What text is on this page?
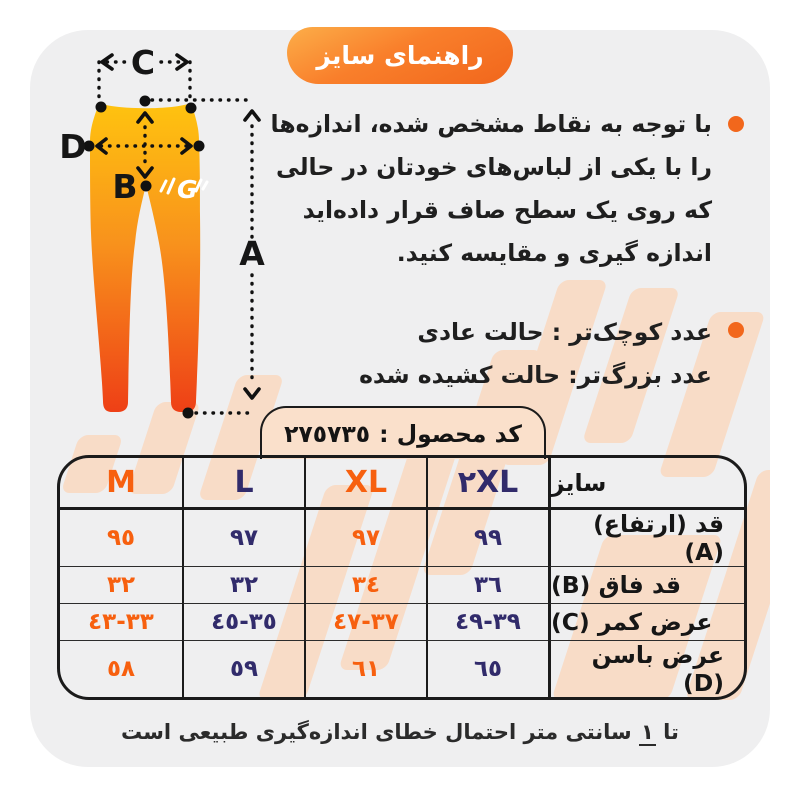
G
C
D
B
A
با توجه به نقاط مشخص شده، اندازه‌ها
را با یکی از لباس‌های خودتان در حالی
که روی یک سطح صاف قرار داده‌اید
اندازه گیری و مقایسه کنید.
عدد کوچک‌تر : حالت عادی
عدد بزرگ‌تر: حالت کشیده شده
کد محصول :
٢٧٥٧٣٥
M	L	XL	٢XL	سایز
٩٥	٩٧	٩٧	٩٩	قد (ارتفاع) (A)
٣٢	٣٢	٣٤	٣٦	قد فاق (B)
٣٣-٤٣	٣٥-٤٥	٣٧-٤٧	٣٩-٤٩	عرض کمر (C)
٥٨	٥٩	٦١	٦٥	عرض باسن (D)
تا ١ سانتی متر احتمال خطای اندازه‌گیری طبیعی است
راهنمای سایز
